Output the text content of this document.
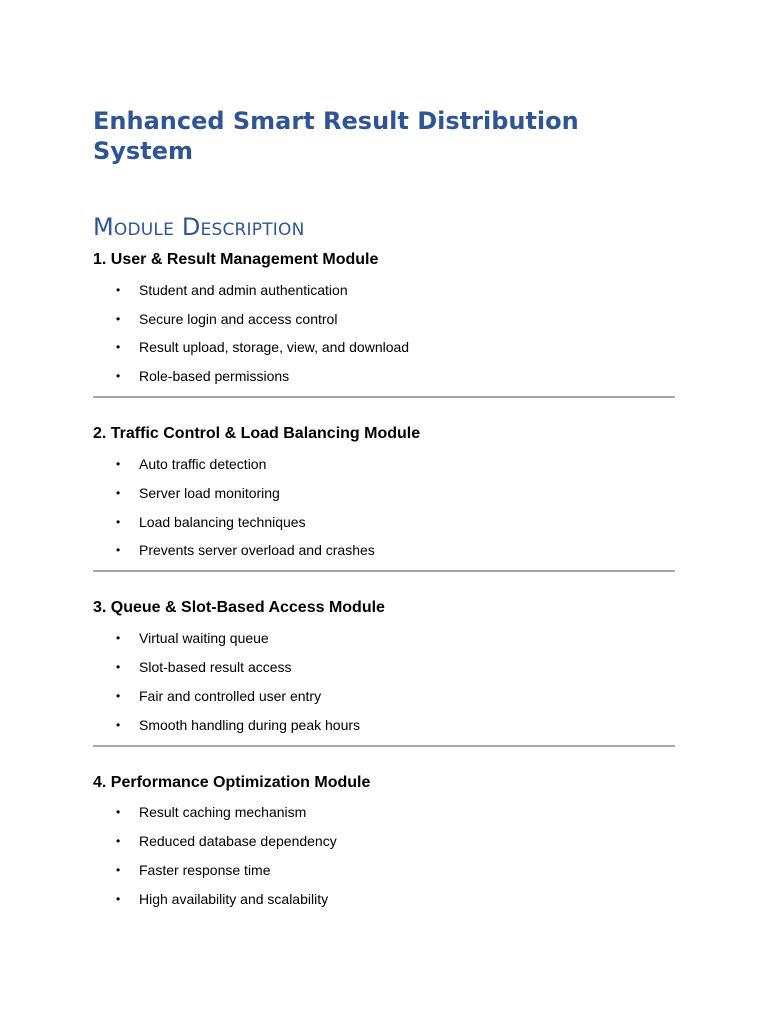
Enhanced Smart Result Distribution System
Module Description
1. User & Result Management Module
• Student and admin authentication
• Secure login and access control
• Result upload, storage, view, and download
• Role-based permissions
2. Traffic Control & Load Balancing Module
• Auto traffic detection
• Server load monitoring
• Load balancing techniques
• Prevents server overload and crashes
3. Queue & Slot-Based Access Module
• Virtual waiting queue
• Slot-based result access
• Fair and controlled user entry
• Smooth handling during peak hours
4. Performance Optimization Module
• Result caching mechanism
• Reduced database dependency
• Faster response time
• High availability and scalability
